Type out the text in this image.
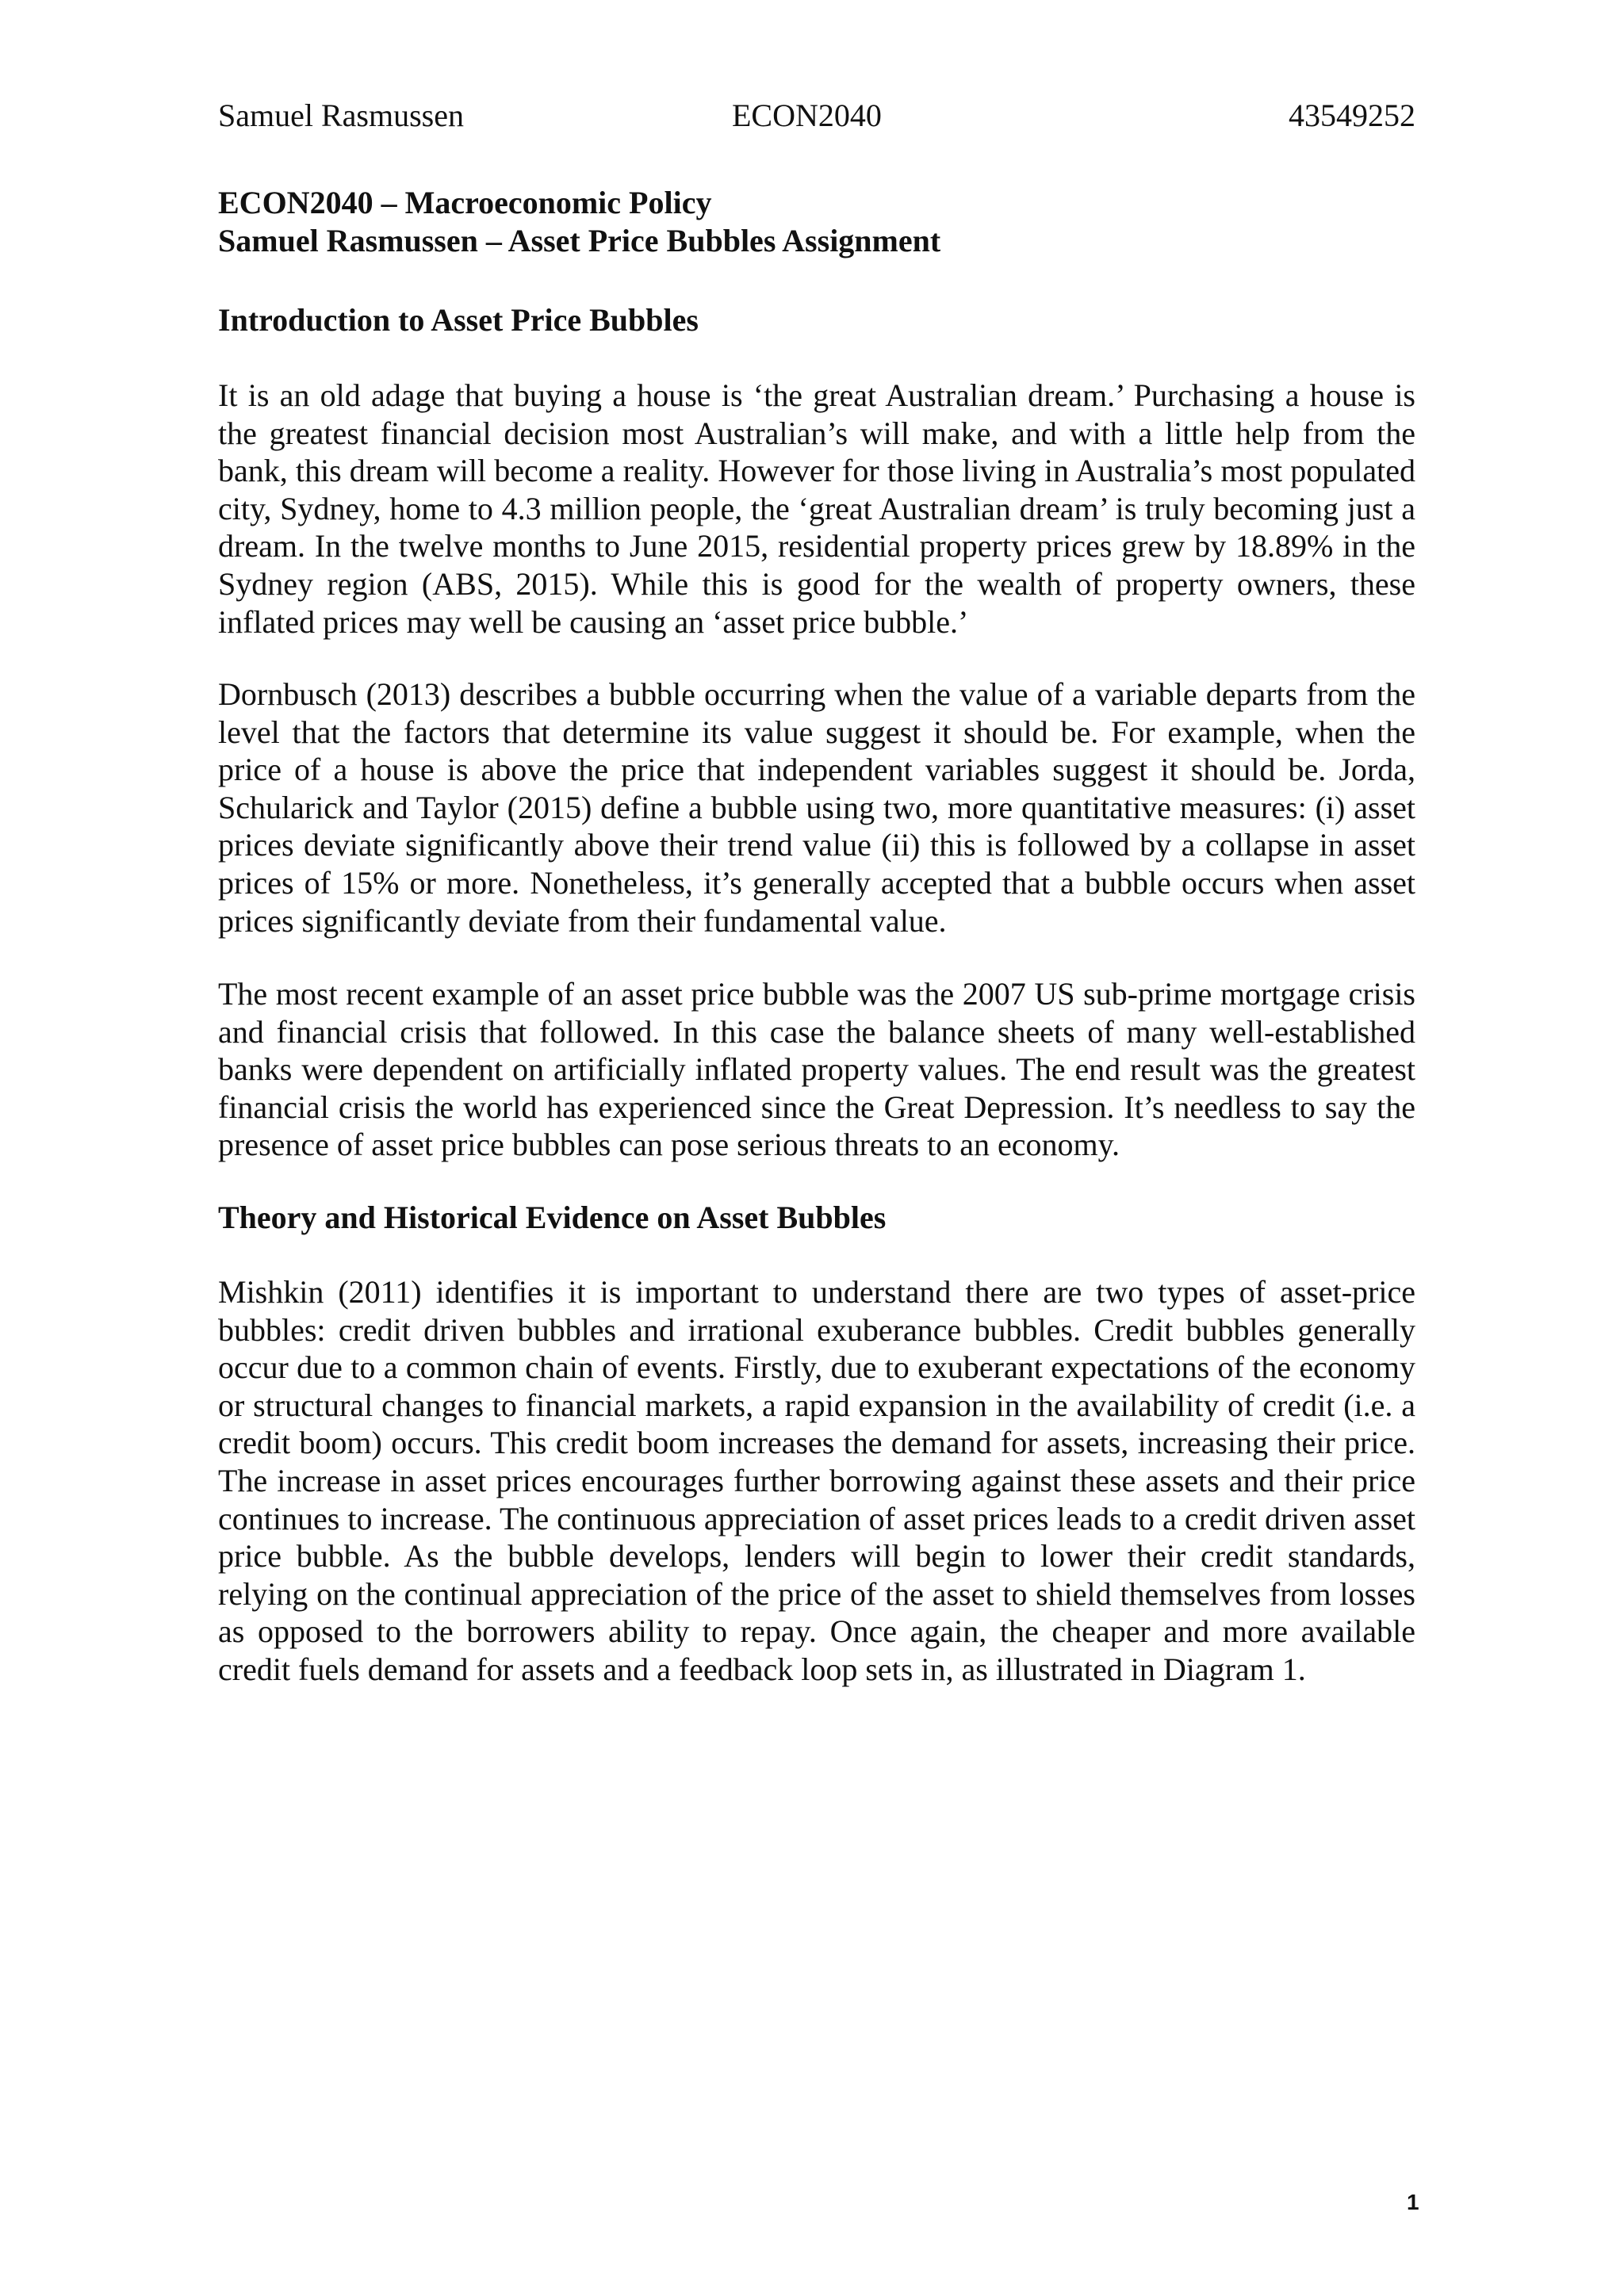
Samuel Rasmussen	ECON2040	43549252
ECON2040 – Macroeconomic Policy
Samuel Rasmussen – Asset Price Bubbles Assignment
Introduction to Asset Price Bubbles
It is an old adage that buying a house is ‘the great Australian dream.’ Purchasing a house is the greatest financial decision most Australian’s will make, and with a little help from the bank, this dream will become a reality. However for those living in Australia’s most populated city, Sydney, home to 4.3 million people, the ‘great Australian dream’ is truly becoming just a dream. In the twelve months to June 2015, residential property prices grew by 18.89% in the Sydney region (ABS, 2015). While this is good for the wealth of property owners, these inflated prices may well be causing an ‘asset price bubble.’
Dornbusch (2013) describes a bubble occurring when the value of a variable departs from the level that the factors that determine its value suggest it should be. For example, when the price of a house is above the price that independent variables suggest it should be. Jorda, Schularick and Taylor (2015) define a bubble using two, more quantitative measures: (i) asset prices deviate significantly above their trend value (ii) this is followed by a collapse in asset prices of 15% or more. Nonetheless, it’s generally accepted that a bubble occurs when asset prices significantly deviate from their fundamental value.
The most recent example of an asset price bubble was the 2007 US sub-prime mortgage crisis and financial crisis that followed. In this case the balance sheets of many well-established banks were dependent on artificially inflated property values. The end result was the greatest financial crisis the world has experienced since the Great Depression. It’s needless to say the presence of asset price bubbles can pose serious threats to an economy.
Theory and Historical Evidence on Asset Bubbles
Mishkin (2011) identifies it is important to understand there are two types of asset-price bubbles: credit driven bubbles and irrational exuberance bubbles. Credit bubbles generally occur due to a common chain of events. Firstly, due to exuberant expectations of the economy or structural changes to financial markets, a rapid expansion in the availability of credit (i.e. a credit boom) occurs. This credit boom increases the demand for assets, increasing their price. The increase in asset prices encourages further borrowing against these assets and their price continues to increase. The continuous appreciation of asset prices leads to a credit driven asset price bubble. As the bubble develops, lenders will begin to lower their credit standards, relying on the continual appreciation of the price of the asset to shield themselves from losses as opposed to the borrowers ability to repay. Once again, the cheaper and more available credit fuels demand for assets and a feedback loop sets in, as illustrated in Diagram 1.
1
